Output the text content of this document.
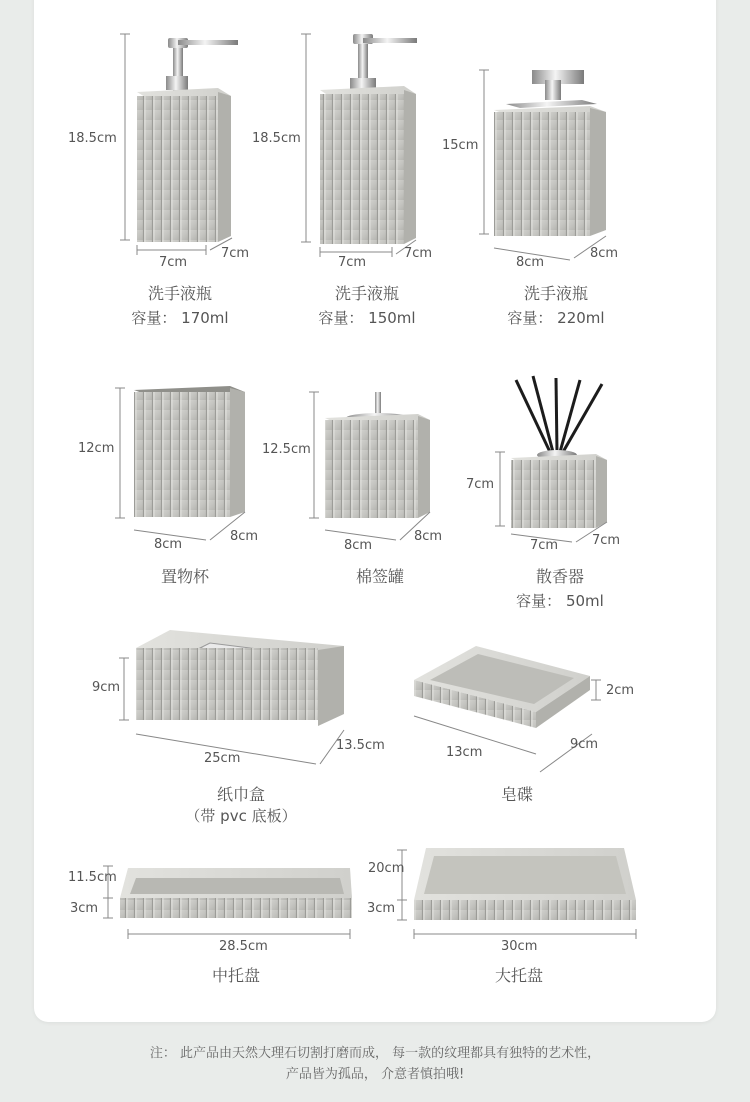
18.5cm
7cm
7cm
洗手液瓶
容量： 170ml
18.5cm
7cm
7cm
洗手液瓶
容量： 150ml
15cm
8cm
8cm
洗手液瓶
容量： 220ml
12cm
8cm
8cm
置物杯
12.5cm
8cm
8cm
棉签罐
7cm
7cm	7cm
散香器
容量： 50ml
9cm
25cm
13.5cm
纸巾盒
（带 pvc 底板）
2cm
13cm
9cm
皂碟
11.5cm
3cm
28.5cm
中托盘
20cm
3cm
30cm
大托盘
注： 此产品由天然大理石切割打磨而成， 每一款的纹理都具有独特的艺术性，
产品皆为孤品， 介意者慎拍哦!
